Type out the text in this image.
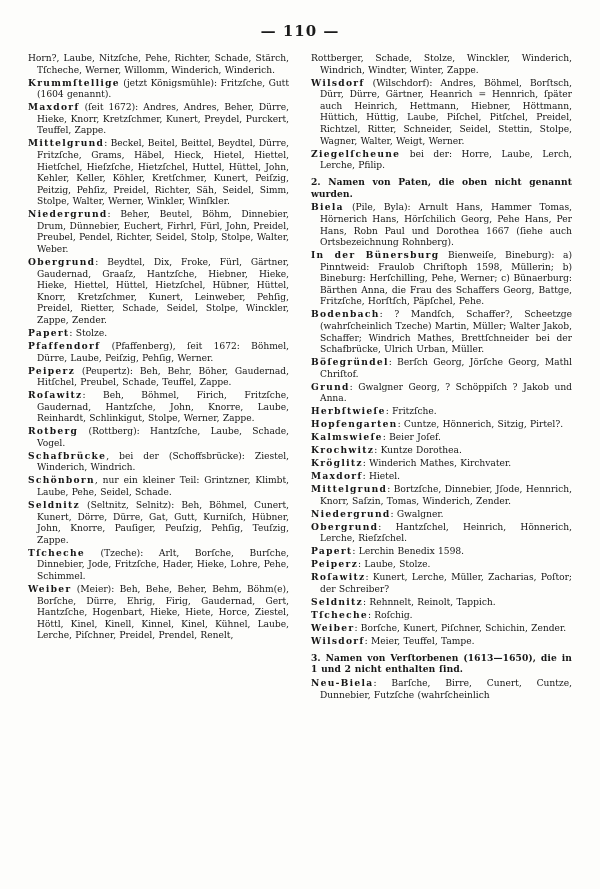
— 110 —

Horn?, Laube, Nitzſche, Pehe, Richter, Schade, Stärch, Tſcheche, Werner, Willomm, Winderich, Winderich.

Krummſtelligе (jetzt Königsmühle): Fritzſche, Gutt (1604 genannt).

Maxdorf (ſeit 1672): Andres, Andres, Beher, Dürre, Hieke, Knorr, Kretzſchmer, Kunert, Preydel, Purckert, Teuffel, Zappe.

Mittelgrund: Beckel, Beitel, Beittel, Beydtel, Dürre, Fritzſche, Grams, Häbel, Hieck, Hietel, Hiettel, Hietſchel, Hieſzſche, Hietzſchel, Huttel, Hüttel, John, Kehler, Keller, Köhler, Kretſchmer, Kunert, Peiſzig, Peitzig, Pehſiz, Preidel, Richter, Säh, Seidel, Simm, Stolpe, Walter, Werner, Winkler, Winſkler.

Niedergrund: Beher, Beutel, Böhm, Dinnebier, Drum, Dünnebier, Euchert, Firhrl, Fürl, John, Preidel, Preubel, Pendel, Richter, Seidel, Stolp, Stolpe, Walter, Weber.

Obergrund: Beydtel, Dix, Froke, Fürl, Gärtner, Gaudernad, Graaſz, Hantzſche, Hiebner, Hieke, Hieke, Hiettel, Hüttel, Hietzſchel, Hübner, Hüttel, Knorr, Kretzſchmer, Kunert, Leinweber, Pehſig, Preidel, Rietter, Schade, Seidel, Stolpe, Winckler, Zappe, Zender.

Papert: Stolze.

Pfaffendorf (Pfaffenberg), ſeit 1672: Böhmel, Dürre, Laube, Peiſzig, Pehſig, Werner.

Peiperz (Peupertz): Beh, Behr, Böher, Gaudernad, Hitſchel, Preubel, Schade, Teuffel, Zappe.

Roſawitz: Beh, Böhmel, Firich, Fritzſche, Gaudernad, Hantzſche, John, Knorre, Laube, Reinhardt, Schlinkigut, Stolpe, Werner, Zappe.

Rotberg (Rottberg): Hantzſche, Laube, Schade, Vogel.

Schafbrücke, bei der (Schoffsbrücke): Ziestel, Winderich, Windrich.

Schönborn, nur ein kleiner Teil: Grintzner, Klimbt, Laube, Pehe, Seidel, Schade.

Seldnitz (Seltnitz, Selnitz): Beh, Böhmel, Cunert, Kunert, Dörre, Dürre, Gat, Gutt, Kurniſch, Hübner, John, Knorre, Pauſiger, Peuſzig, Pehſig, Teuſzig, Zappe.

Tſcheche (Tzeche): Arlt, Borſche, Burſche, Dinnebier, Jode, Fritzſche, Hader, Hieke, Lohre, Pehe, Schimmel.

Weiber (Meier): Beh, Behe, Beher, Behm, Böhm(e), Borſche, Dürre, Ehrig, Firig, Gaudernad, Gert, Hantzſche, Hogenbart, Hieke, Hiete, Horce, Ziestel, Höttl, Kinel, Kinell, Kinnel, Kinel, Kühnel, Laube, Lerche, Piſchner, Preidel, Prendel, Renelt,

Rottberger, Schade, Stolze, Winckler, Winderich, Windrich, Windter, Winter, Zappe.

Wilsdorf (Wilschdorf): Andres, Böhmel, Borſtsch, Dürr, Dürre, Gärtner, Heanrich = Hennrich, ſpäter auch Heinrich, Hettmann, Hiebner, Höttmann, Hüttich, Hüttig, Laube, Piſchel, Pitſchel, Preidel, Richtzel, Ritter, Schneider, Seidel, Stettin, Stolpe, Wagner, Walter, Weigt, Werner.

Ziegelſcheune bei der: Horre, Laube, Lerch, Lerche, Pfilip.

2. Namen von Paten, die oben nicht genannt wurden.

Biela (Pile, Byla): Arnult Hans, Hammer Tomas, Hörnerich Hans, Hörſchilich Georg, Pehe Hans, Per Hans, Robn Paul und Dorothea 1667 (ſiehe auch Ortsbezeichnung Rohnberg).

In der Bünersburg Bienweiſe, Bineburg): a) Pinntweid: Fraulob Chriſtoph 1598, Müllerin; b) Bineburg: Herſchilling, Pehe, Werner; c) Bünaerburg: Bärthen Anna, die Frau des Schaffers Georg, Battge, Fritzſche, Horſtſch, Päpſchel, Pehe.

Bodenbach: ? Mandſch, Schaffer?, Scheetzge (wahrſcheinlich Tzeche) Martin, Müller; Walter Jakob, Schaffer; Windrich Mathes, Brettſchneider bei der Schafbrücke, Ulrich Urban, Müller.

Böſegründel: Berſch Georg, Jörſche Georg, Mathl Chriſtof.

Grund: Gwalgner Georg, ? Schöppiſch ? Jakob und Anna.

Herbſtwieſe: Fritzſche.

Hopfengarten: Cuntze, Hönnerich, Sitzig, Pirtel?.

Kalmswieſe: Beier Joſef.

Krochwitz: Kuntze Dorothea.

Kröglitz: Winderich Mathes, Kirchvater.

Maxdorf: Hietel.

Mittelgrund: Bortzſche, Dinnebier, Jſode, Hennrich, Knorr, Saſzin, Tomas, Winderich, Zender.

Niedergrund: Gwalgner.

Obergrund: Hantzſchel, Heinrich, Hönnerich, Lerche, Rieſzſchel.

Papert: Lerchin Benedix 1598.

Peiperz: Laube, Stolze.

Roſawitz: Kunert, Lerche, Müller, Zacharias, Poſtor; der Schreiber?

Seldnitz: Rehnnelt, Reinolt, Tappich.

Tſcheche: Roſchig.

Weiber: Borſche, Kunert, Piſchner, Schichin, Zender.

Wilsdorf: Meier, Teuffel, Tampe.

3. Namen von Verſtorbenen (1613—1650), die in 1 und 2 nicht enthalten ſind.

Neu-Biela: Barſche, Birre, Cunert, Cuntze, Dunnebier, Futzſche (wahrſcheinlich
